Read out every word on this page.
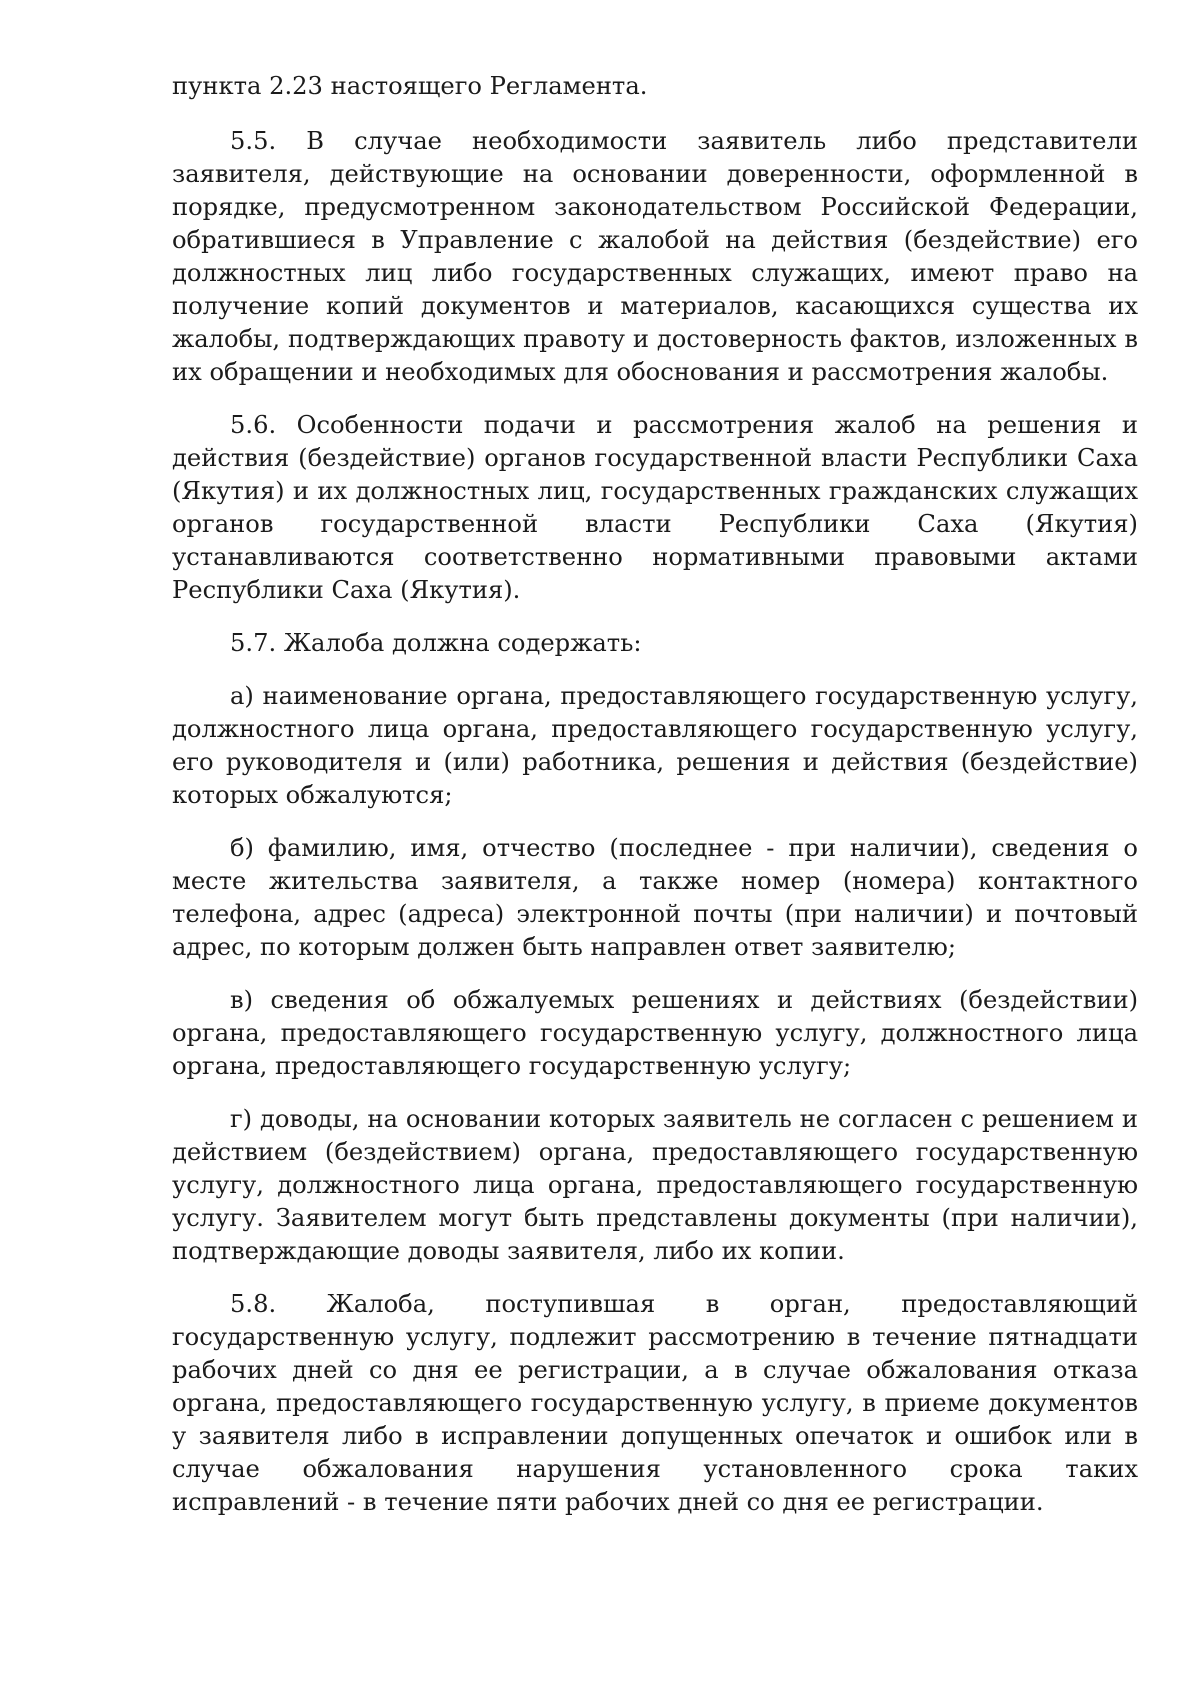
пункта 2.23 настоящего Регламента.

5.5. В случае необходимости заявитель либо представители заявителя, действующие на основании доверенности, оформленной в порядке, предусмотренном законодательством Российской Федерации, обратившиеся в Управление с жалобой на действия (бездействие) его должностных лиц либо государственных служащих, имеют право на получение копий документов и материалов, касающихся существа их жалобы, подтверждающих правоту и достоверность фактов, изложенных в их обращении и необходимых для обоснования и рассмотрения жалобы.

5.6. Особенности подачи и рассмотрения жалоб на решения и действия (бездействие) органов государственной власти Республики Саха (Якутия) и их должностных лиц, государственных гражданских служащих органов государственной власти Республики Саха (Якутия) устанавливаются соответственно нормативными правовыми актами Республики Саха (Якутия).

5.7. Жалоба должна содержать:

а) наименование органа, предоставляющего государственную услугу, должностного лица органа, предоставляющего государственную услугу, его руководителя и (или) работника, решения и действия (бездействие) которых обжалуются;

б) фамилию, имя, отчество (последнее - при наличии), сведения о месте жительства заявителя, а также номер (номера) контактного телефона, адрес (адреса) электронной почты (при наличии) и почтовый адрес, по которым должен быть направлен ответ заявителю;

в) сведения об обжалуемых решениях и действиях (бездействии) органа, предоставляющего государственную услугу, должностного лица органа, предоставляющего государственную услугу;

г) доводы, на основании которых заявитель не согласен с решением и действием (бездействием) органа, предоставляющего государственную услугу, должностного лица органа, предоставляющего государственную услугу. Заявителем могут быть представлены документы (при наличии), подтверждающие доводы заявителя, либо их копии.

5.8. Жалоба, поступившая в орган, предоставляющий государственную услугу, подлежит рассмотрению в течение пятнадцати рабочих дней со дня ее регистрации, а в случае обжалования отказа органа, предоставляющего государственную услугу, в приеме документов у заявителя либо в исправлении допущенных опечаток и ошибок или в случае обжалования нарушения установленного срока таких исправлений - в течение пяти рабочих дней со дня ее регистрации.
